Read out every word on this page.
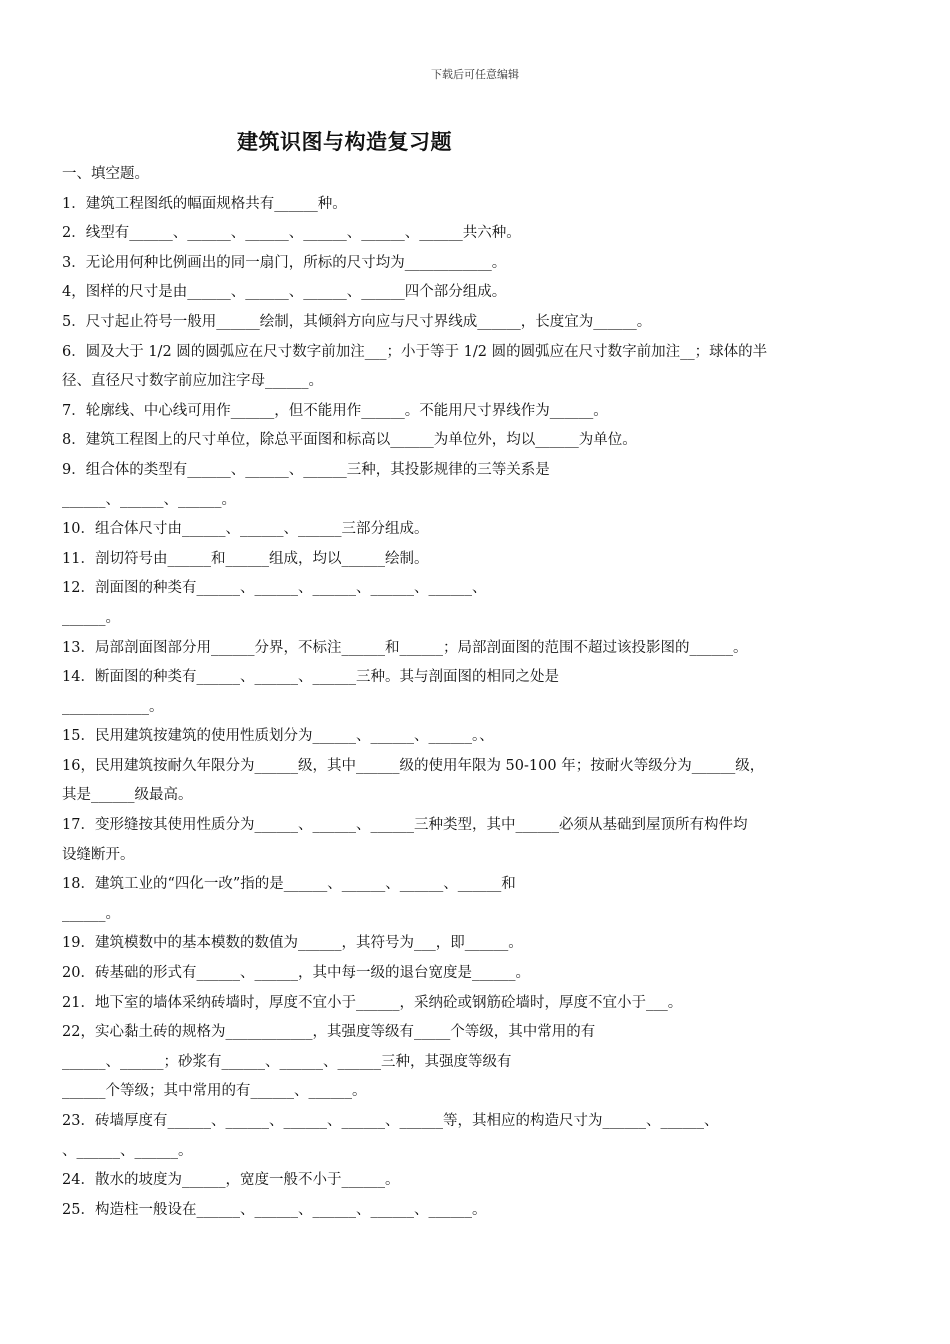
下载后可任意编辑
建筑识图与构造复习题
一、填空题。
1．建筑工程图纸的幅面规格共有______种。
2．线型有______、______、______、______、______、______共六种。
3．无论用何种比例画出的同一扇门，所标的尺寸均为____________。
4，图样的尺寸是由______、______、______、______四个部分组成。
5．尺寸起止符号一般用______绘制，其倾斜方向应与尺寸界线成______，长度宜为______。
6．圆及大于 1/2 圆的圆弧应在尺寸数字前加注___；小于等于 1/2 圆的圆弧应在尺寸数字前加注__；球体的半
径、直径尺寸数字前应加注字母______。
7．轮廓线、中心线可用作______，但不能用作______。不能用尺寸界线作为______。
8．建筑工程图上的尺寸单位，除总平面图和标高以______为单位外，均以______为单位。
9．组合体的类型有______、______、______三种，其投影规律的三等关系是
______、______、______。
10．组合体尺寸由______、______、______三部分组成。
11．剖切符号由______和______组成，均以______绘制。
12．剖面图的种类有______、______、______、______、______、
______。
13．局部剖面图部分用______分界，不标注______和______；局部剖面图的范围不超过该投影图的______。
14．断面图的种类有______、______、______三种。其与剖面图的相同之处是
____________。
15．民用建筑按建筑的使用性质划分为______、______、______。、
16，民用建筑按耐久年限分为______级，其中______级的使用年限为 50-100 年；按耐火等级分为______级，
其是______级最高。
17．变形缝按其使用性质分为______、______、______三种类型，其中______必须从基础到屋顶所有构件均
设缝断开。
18．建筑工业的“四化一改”指的是______、______、______、______和
______。
19．建筑模数中的基本模数的数值为______，其符号为___，即______。
20．砖基础的形式有______、______，其中每一级的退台宽度是______。
21．地下室的墙体采纳砖墙时，厚度不宜小于______，采纳砼或钢筋砼墙时，厚度不宜小于___。
22，实心黏土砖的规格为____________，其强度等级有_____个等级，其中常用的有
______、______；砂浆有______、______、______三种，其强度等级有
______个等级；其中常用的有______、______。
23．砖墙厚度有______、______、______、______、______等，其相应的构造尺寸为______、______、
、______、______。
24．散水的坡度为______，宽度一般不小于______。
25．构造柱一般设在______、______、______、______、______。
